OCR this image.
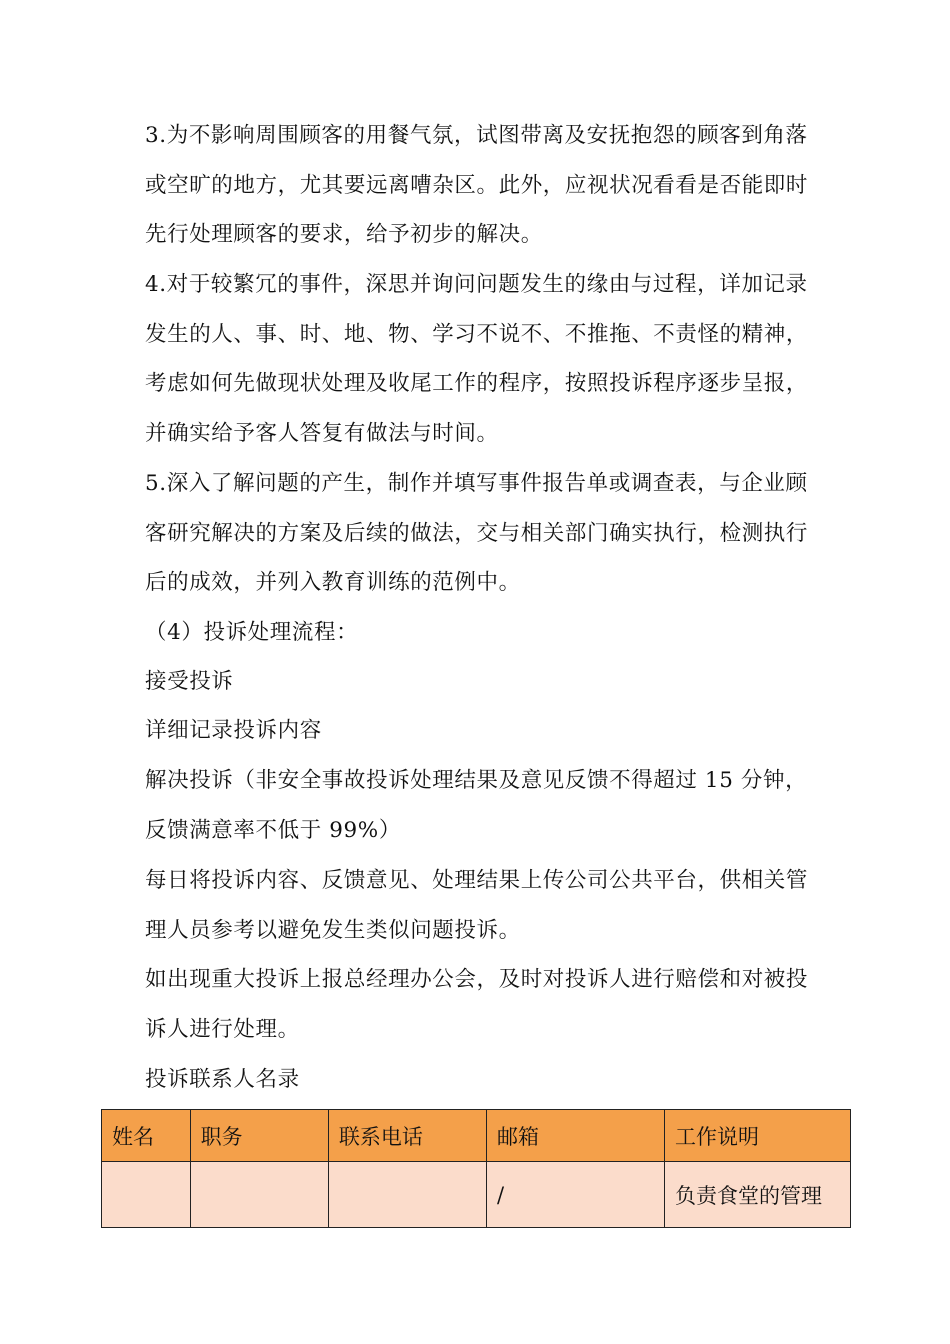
3.为不影响周围顾客的用餐气氛，试图带离及安抚抱怨的顾客到角落
或空旷的地方，尤其要远离嘈杂区。此外，应视状况看看是否能即时
先行处理顾客的要求，给予初步的解决。

4.对于较繁冗的事件，深思并询问问题发生的缘由与过程，详加记录
发生的人、事、时、地、物、学习不说不、不推拖、不责怪的精神，
考虑如何先做现状处理及收尾工作的程序，按照投诉程序逐步呈报，
并确实给予客人答复有做法与时间。

5.深入了解问题的产生，制作并填写事件报告单或调查表，与企业顾
客研究解决的方案及后续的做法，交与相关部门确实执行，检测执行
后的成效，并列入教育训练的范例中。

（4）投诉处理流程：

接受投诉

详细记录投诉内容

解决投诉（非安全事故投诉处理结果及意见反馈不得超过 15 分钟，
反馈满意率不低于 99%）

每日将投诉内容、反馈意见、处理结果上传公司公共平台，供相关管
理人员参考以避免发生类似问题投诉。

如出现重大投诉上报总经理办公会，及时对投诉人进行赔偿和对被投
诉人进行处理。

投诉联系人名录

姓名	职务	联系电话	邮箱	工作说明
			/	负责食堂的管理
